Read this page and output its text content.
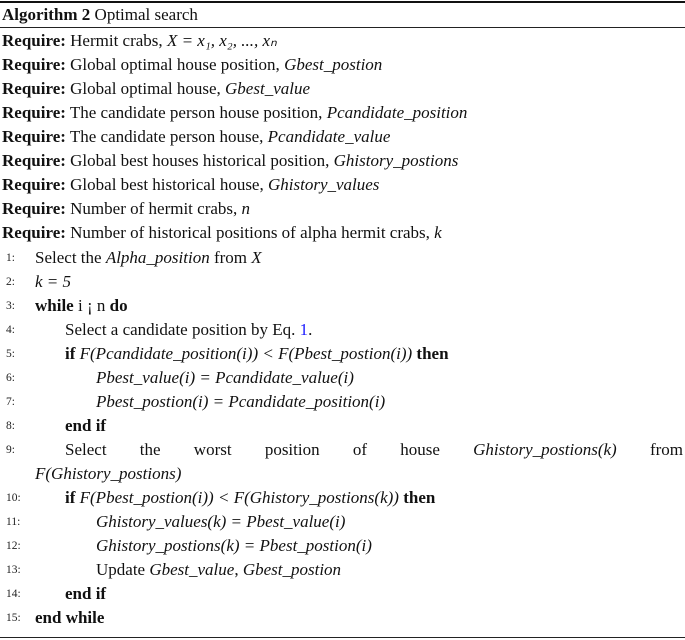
Algorithm 2 Optimal search
Require: Hermit crabs, X = x₁, x₂, ..., xₙ
Require: Global optimal house position, Gbest_postion
Require: Global optimal house, Gbest_value
Require: The candidate person house position, Pcandidate_position
Require: The candidate person house, Pcandidate_value
Require: Global best houses historical position, Ghistory_postions
Require: Global best historical house, Ghistory_values
Require: Number of hermit crabs, n
Require: Number of historical positions of alpha hermit crabs, k
1:	Select the Alpha_position from X
2:	k = 5
3:	while i ¡ n do
4:	Select a candidate position by Eq. 1.
5:	if F(Pcandidate_position(i)) < F(Pbest_postion(i)) then
6:	Pbest_value(i) = Pcandidate_value(i)
7:	Pbest_postion(i) = Pcandidate_position(i)
8:	end if
9:	Select the worst position of house Ghistory_postions(k) from
F(Ghistory_postions)
10:	if F(Pbest_postion(i)) < F(Ghistory_postions(k)) then
11:	Ghistory_values(k) = Pbest_value(i)
12:	Ghistory_postions(k) = Pbest_postion(i)
13:	Update Gbest_value, Gbest_postion
14:	end if
15: end while
